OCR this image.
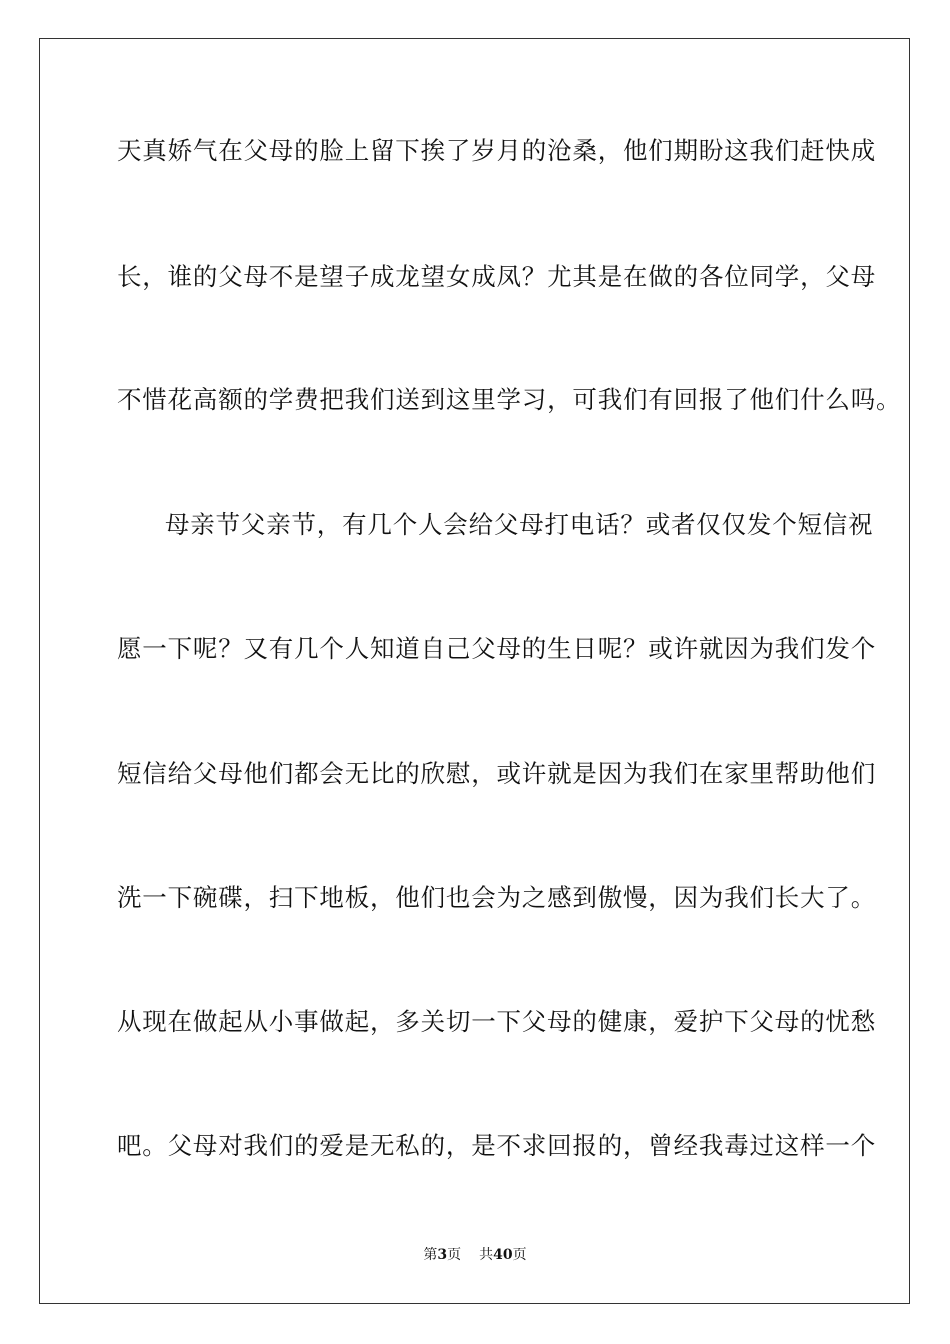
天真娇气在父母的脸上留下挨了岁月的沧桑，他们期盼这我们赶快成
长，谁的父母不是望子成龙望女成凤？尤其是在做的各位同学，父母
不惜花高额的学费把我们送到这里学习，可我们有回报了他们什么吗。
母亲节父亲节，有几个人会给父母打电话？或者仅仅发个短信祝
愿一下呢？又有几个人知道自己父母的生日呢？或许就因为我们发个
短信给父母他们都会无比的欣慰，或许就是因为我们在家里帮助他们
洗一下碗碟，扫下地板，他们也会为之感到傲慢，因为我们长大了。
从现在做起从小事做起，多关切一下父母的健康，爱护下父母的忧愁
吧。父母对我们的爱是无私的，是不求回报的，曾经我毒过这样一个
第3页 共40页
